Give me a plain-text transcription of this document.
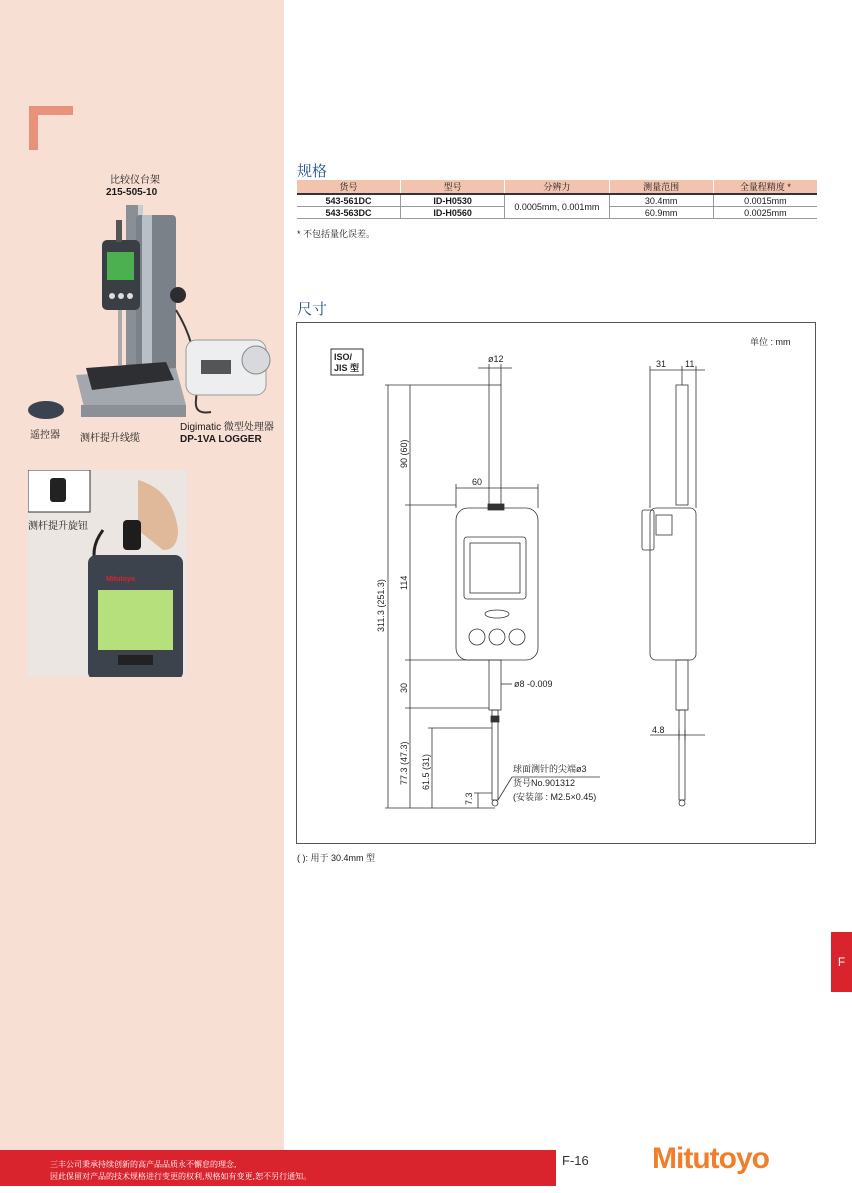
比较仪台架
215-505-10
遥控器 测杆提升线缆
Digimatic 微型处理器
DP-1VA LOGGER
Mitutoyo
测杆提升旋钮
规格
货号	型号	分辨力	测量范围	全量程精度 *
543-561DC	ID-H0530	0.0005mm, 0.001mm	30.4mm	0.0015mm
543-563DC	ID-H0560		60.9mm	0.0025mm
* 不包括量化误差。
尺寸
ISO/
JIS 型
单位 : mm
ø12	31 11
60
4.8
ø8 -0.009
球面测针的尖端ø3
货号No.901312
(安装部 : M2.5×0.45)
311.3 (251.3)
90 (60)
114
30
77.3 (47.3) 61.5 (31)
7.3
( ): 用于 30.4mm 型
F
三丰公司秉承持续创新的高产品品质永不懈怠的理念,
因此保留对产品的技术规格进行变更的权利,规格如有变更,恕不另行通知。
F-16 Mitutoyo
